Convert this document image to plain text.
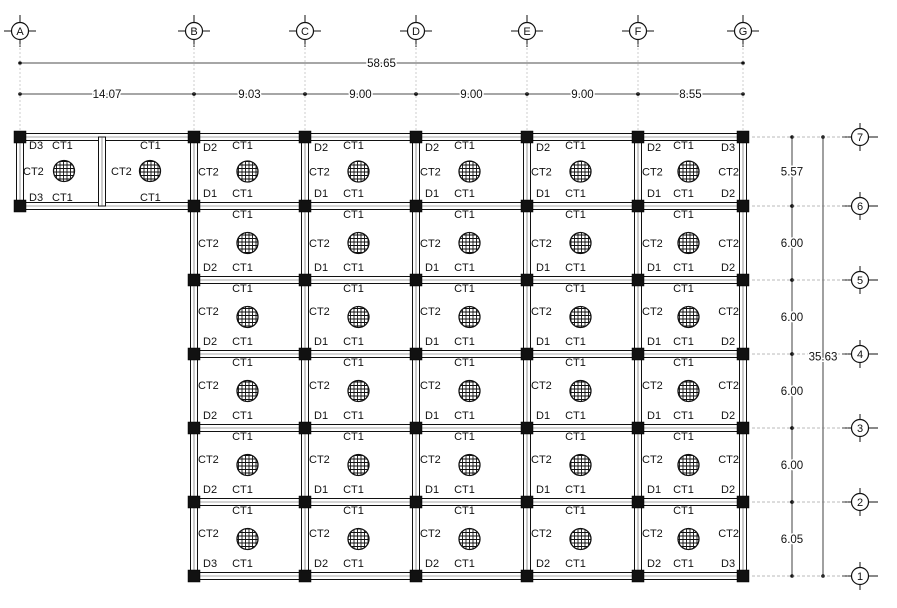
A	B	C	D	E	F	G
7
6
5
4
3
2
1
58.65
14.07	9.03	9.00	9.00	9.00	8.55
5.57
6.00
6.00
6.00
6.00
6.05
35.63
D3 CT1
CT2
D3 CT1
CT1
CT2
CT1
CT1
D2
D1
CT2
CT1
CT1
D2
D1
CT2
CT1
CT1
D2
D1
CT2
CT1
CT1
D2
D1
CT2
CT1
CT1
D2	D3
D1	D2
CT2	CT2
CT1
CT1
CT2
CT1
D2
CT1
CT2
CT1
D1
CT1
CT2
CT1
D1
CT1
CT2
CT1
D1
CT1
CT2	CT2
CT1
D1	D2
CT1
CT2
CT1
D2
CT1
CT2
CT1
D1
CT1
CT2
CT1
D1
CT1
CT2
CT1
D1
CT1
CT2	CT2
CT1
D1	D2
CT1
CT2
CT1
D2
CT1
CT2
CT1
D1
CT1
CT2
CT1
D1
CT1
CT2
CT1
D1
CT1
CT2	CT2
CT1
D1	D2
CT1
CT2
CT1
D2
CT1
CT2
CT1
D1
CT1
CT2
CT1
D1
CT1
CT2
CT1
D1
CT1
CT2	CT2
CT1
D1	D2
CT1
CT2
CT1
D3
CT1
CT2
CT1
D2
CT1
CT2
CT1
D2
CT1
CT2
CT1
D2
CT1
CT2	CT2
CT1
D2	D3
